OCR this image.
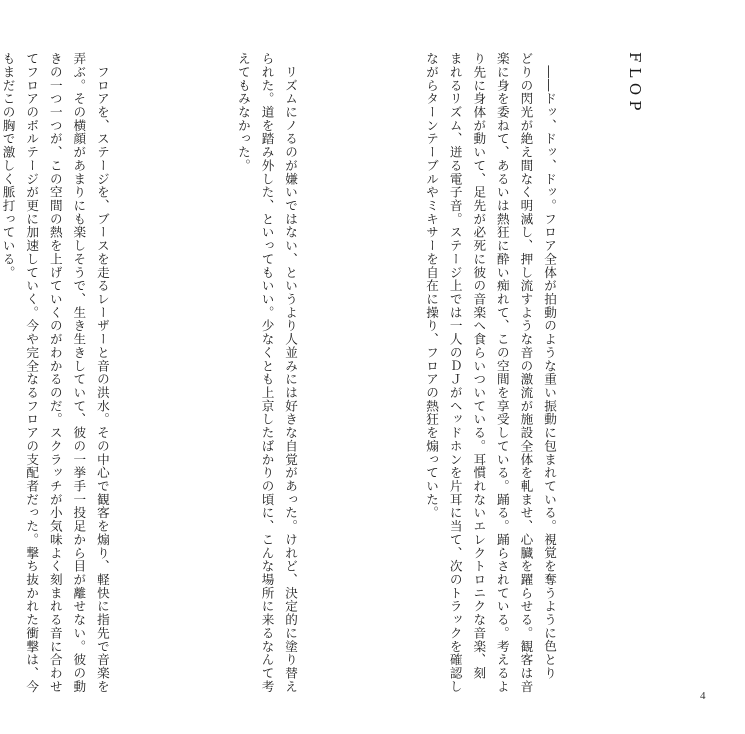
FLOP

　――ドッ、ドッ、ドッ。フロア全体が拍動のような重い振動に包まれている。視覚を奪うように色とり
どりの閃光が絶え間なく明滅し、押し流すような音の激流が施設全体を軋ませ、心臓を躍らせる。観客は音
楽に身を委ねて、あるいは熱狂に酔い痴れて、この空間を享受している。踊る。踊らされている。考えるよ
り先に身体が動いて、足先が必死に彼の音楽へ食らいついている。耳慣れないエレクトロニクな音楽、刻
まれるリズム、迸る電子音。ステージ上では一人のＤＪがヘッドホンを片耳に当て、次のトラックを確認し
ながらターンテーブルやミキサーを自在に操り、フロアの熱狂を煽っていた。

　リズムにノるのが嫌いではない、というより人並みには好きな自覚があった。けれど、決定的に塗り替え
られた。道を踏み外した、といってもいい。少なくとも上京したばかりの頃に、こんな場所に来るなんて考
えてもみなかった。

　フロアを、ステージを、ブースを走るレーザーと音の洪水。その中心で観客を煽り、軽快に指先で音楽を
弄ぶ。その横顔があまりにも楽しそうで、生き生きしていて、彼の一挙手一投足から目が離せない。彼の動
きの一つ一つが、この空間の熱を上げていくのがわかるのだ。スクラッチが小気味よく刻まれる音に合わせ
てフロアのボルテージが更に加速していく。今や完全なるフロアの支配者だった。撃ち抜かれた衝撃は、今
もまだこの胸で激しく脈打っている。

4
